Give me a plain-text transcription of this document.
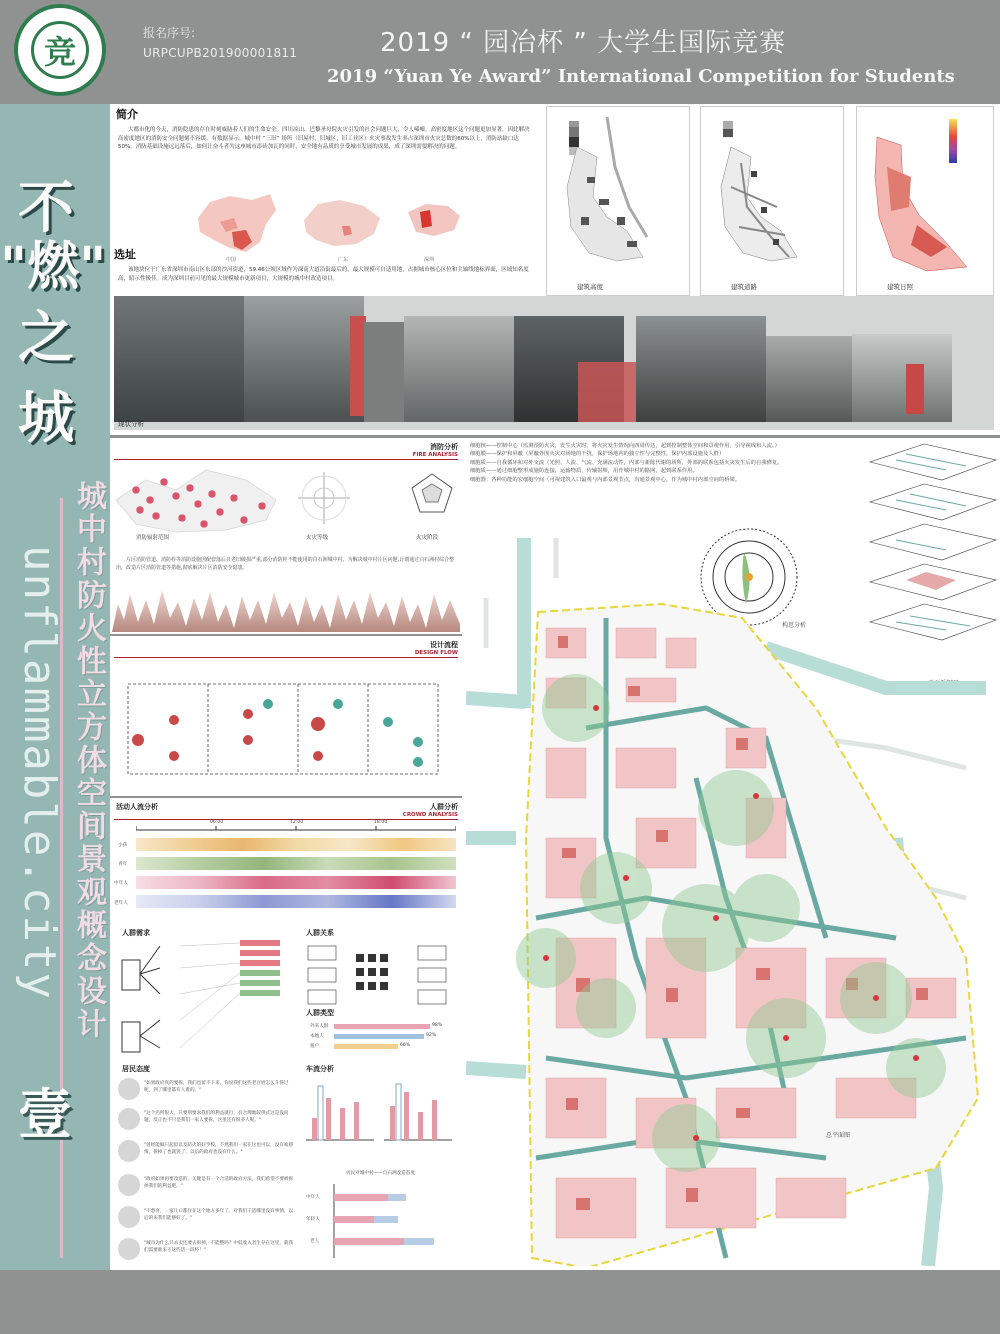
竞	报名序号:
URPCUPB201900001811	2019 “ 园冶杯 ” 大学生国际竞赛
2019 “Yuan Ye Award” International Competition for Students
不
"燃"
之
城
unflammable.city 城中村防火性立方体空间景观概念设计
壹
简介
大都市化的今天，消防隐患的存在时刻威胁着人们的生命安全。四川凉山、巴黎圣母院火灾引发的社会问题巨大，令人唏嘘。高密度地区这个问题更加显著，因此解决高密度地区的消防安全问题刻不容缓。有数据显示，城中村 “三旧” 场所（旧屋村，旧城区，旧工业区）火灾事故发生率占深圳市火灾总数的60%以上，消防站缺口达50%。消防基础设施远远落后，如何让奋斗者为这座城市添砖加瓦的同时，安全地有品质的享受城市发展的成果，成了深圳需要解决的问题。
中国	广东	深圳
选址
该地块位于广东省深圳市南山区东部的沙河街道，59.46公顷区域作为深南大道沿街最后的，最大规模可自适用地，占据城市核心区位和主轴线地标界面，区域知名度高，昭示性极佳。成为深圳目前可见的最大规模城市更新项目，大规模的城中村改造项目。
建筑高度	建筑道路	建筑日照
现状分析
消防分析
FIRE ANALYSIS
消防辐射范围	火灾等级	火灾阶段
片区消防管道、消防栓等消防设施因配套落后且老旧破损严重,部分消防栓不能使用的白石洲城中村，为解决城中村片区问题,计划通过白石洲村综合整治，改造片区消防管道等措施,彻底解决片区消防安全隐患。
设计流程
DESIGN FLOW
活动人流分析	人群分析
CROWD ANALYSIS
06:00	12:00	18:00
小孩
青年
中年人
老年人
人群需求	人群关系
人群类型
外来人群
本地人
租户
98%
92%
66%
居民态度
"如果政府真的要拆，我们也留不下来，你说我们这些老百姓怎么斗得过呢，到了哪里都有人难的。"
"这个名所很大，只要别要求我们的利益就行，有合理地较供式这是没问题，反正也不只是我们一家人要拆，这里还有很多人呢。"
"曾经能做只起似以及防火的好学校，不然我们一家在这也可以，没有啥感情，拆掉了也就罢了，以后的政府也没有什么。"
"政府如果再要改造的，关键是有一个合适的政府方法，我们希望不要被拆掉我们的利益吧。"
"不愁喜，一家几口都住在这个地方多年了，对我们干活哪里没有事情，以后的来我们能够好了。"
"城市为什么只杀卖还要去拆掉，不能整吗？中低收入者生存在这里，就我们需要谁来干这些活一段杯！"
车流分析
居民对城中村——自石洲改造态度
中年人
年轻人
老人
细胞核——控制中心（监测预防火灾，发生火灾时，将火灾发生情况向四周传达，起到控制整体空间和景观作用，引导视线和人流。）
细胞膜——保护和屏蔽（屏蔽外围火灾对场地的干扰，保护场地内的独立性与完整性，保护内部设施及人群）
细胞质——自我循环和对外交流（光照、人流、气流、充满流动性，内部与新陈代谢的场所，外部的联系包括火灾发生后的自我修复。
细胞质——通过细胞整形成施防连接，运输物质，传输射频，用作城中村的路网，起到联系作用。
细胞器：各种功能的宏细胞空间（可视建筑入口最观与内部景观节点，沟通景观中心，作为城中村内部空间的桥梁。
构思分析
平面拆解图
总平面图
